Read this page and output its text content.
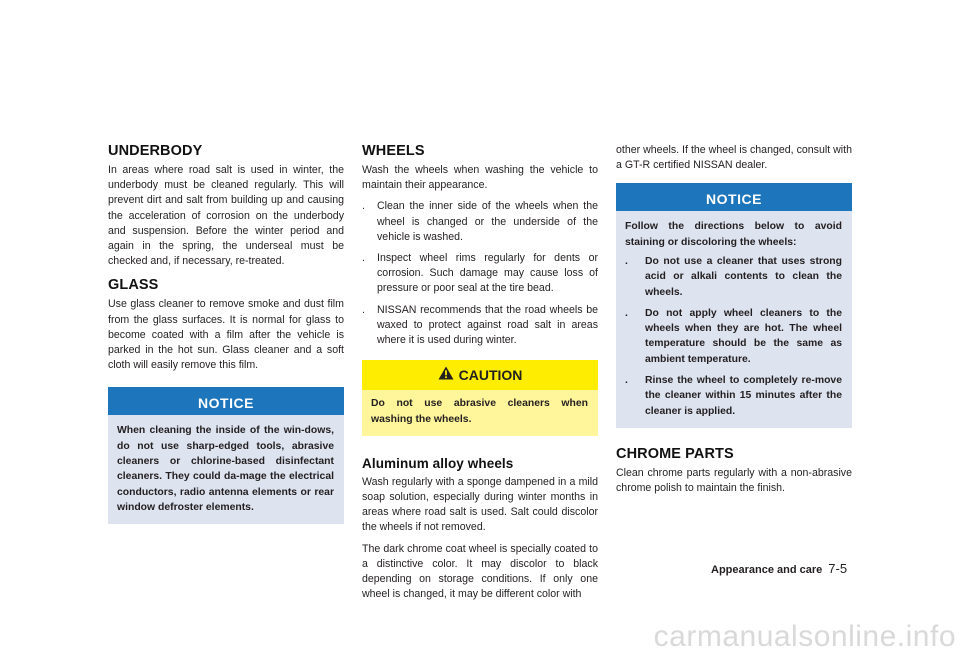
UNDERBODY

In areas where road salt is used in winter, the underbody must be cleaned regularly. This will prevent dirt and salt from building up and causing the acceleration of corrosion on the underbody and suspension. Before the winter period and again in the spring, the underseal must be checked and, if necessary, re-treated.

GLASS

Use glass cleaner to remove smoke and dust film from the glass surfaces. It is normal for glass to become coated with a film after the vehicle is parked in the hot sun. Glass cleaner and a soft cloth will easily remove this film.

NOTICE

When cleaning the inside of the win-dows, do not use sharp-edged tools, abrasive cleaners or chlorine-based disinfectant cleaners. They could da-mage the electrical conductors, radio antenna elements or rear window defroster elements.

WHEELS

Wash the wheels when washing the vehicle to maintain their appearance.

. Clean the inner side of the wheels when the wheel is changed or the underside of the vehicle is washed.
. Inspect wheel rims regularly for dents or corrosion. Such damage may cause loss of pressure or poor seal at the tire bead.
. NISSAN recommends that the road wheels be waxed to protect against road salt in areas where it is used during winter.
CAUTION

Do not use abrasive cleaners when washing the wheels.

Aluminum alloy wheels

Wash regularly with a sponge dampened in a mild soap solution, especially during winter months in areas where road salt is used. Salt could discolor the wheels if not removed.

The dark chrome coat wheel is specially coated to a distinctive color. It may discolor to black depending on storage conditions. If only one wheel is changed, it may be different color with

other wheels. If the wheel is changed, consult with a GT-R certified NISSAN dealer.

NOTICE

Follow the directions below to avoid staining or discoloring the wheels:

. Do not use a cleaner that uses strong acid or alkali contents to clean the wheels.
. Do not apply wheel cleaners to the wheels when they are hot. The wheel temperature should be the same as ambient temperature.
. Rinse the wheel to completely re-move the cleaner within 15 minutes after the cleaner is applied.
CHROME PARTS

Clean chrome parts regularly with a non-abrasive chrome polish to maintain the finish.

Appearance and care 7-5
carmanualsonline.info
